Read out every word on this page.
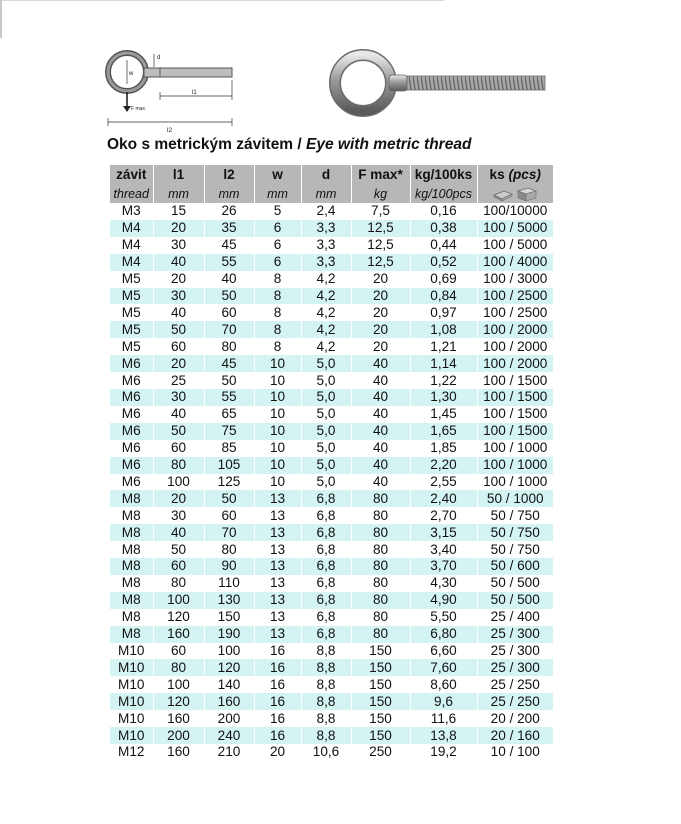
d
w
l1
F max.
l2
Oko s metrickým závitem / Eye with metric thread
závit	l1	l2	w	d	F max*	kg/100ks	ks (pcs)
thread	mm	mm	mm	mm	kg	kg/100pcs	
M3	15	26	5	2,4	7,5	0,16	100/10000
M4	20	35	6	3,3	12,5	0,38	100 / 5000
M4	30	45	6	3,3	12,5	0,44	100 / 5000
M4	40	55	6	3,3	12,5	0,52	100 / 4000
M5	20	40	8	4,2	20	0,69	100 / 3000
M5	30	50	8	4,2	20	0,84	100 / 2500
M5	40	60	8	4,2	20	0,97	100 / 2500
M5	50	70	8	4,2	20	1,08	100 / 2000
M5	60	80	8	4,2	20	1,21	100 / 2000
M6	20	45	10	5,0	40	1,14	100 / 2000
M6	25	50	10	5,0	40	1,22	100 / 1500
M6	30	55	10	5,0	40	1,30	100 / 1500
M6	40	65	10	5,0	40	1,45	100 / 1500
M6	50	75	10	5,0	40	1,65	100 / 1500
M6	60	85	10	5,0	40	1,85	100 / 1000
M6	80	105	10	5,0	40	2,20	100 / 1000
M6	100	125	10	5,0	40	2,55	100 / 1000
M8	20	50	13	6,8	80	2,40	50 / 1000
M8	30	60	13	6,8	80	2,70	50 / 750
M8	40	70	13	6,8	80	3,15	50 / 750
M8	50	80	13	6,8	80	3,40	50 / 750
M8	60	90	13	6,8	80	3,70	50 / 600
M8	80	110	13	6,8	80	4,30	50 / 500
M8	100	130	13	6,8	80	4,90	50 / 500
M8	120	150	13	6,8	80	5,50	25 / 400
M8	160	190	13	6,8	80	6,80	25 / 300
M10	60	100	16	8,8	150	6,60	25 / 300
M10	80	120	16	8,8	150	7,60	25 / 300
M10	100	140	16	8,8	150	8,60	25 / 250
M10	120	160	16	8,8	150	9,6	25 / 250
M10	160	200	16	8,8	150	11,6	20 / 200
M10	200	240	16	8,8	150	13,8	20 / 160
M12	160	210	20	10,6	250	19,2	10 / 100
